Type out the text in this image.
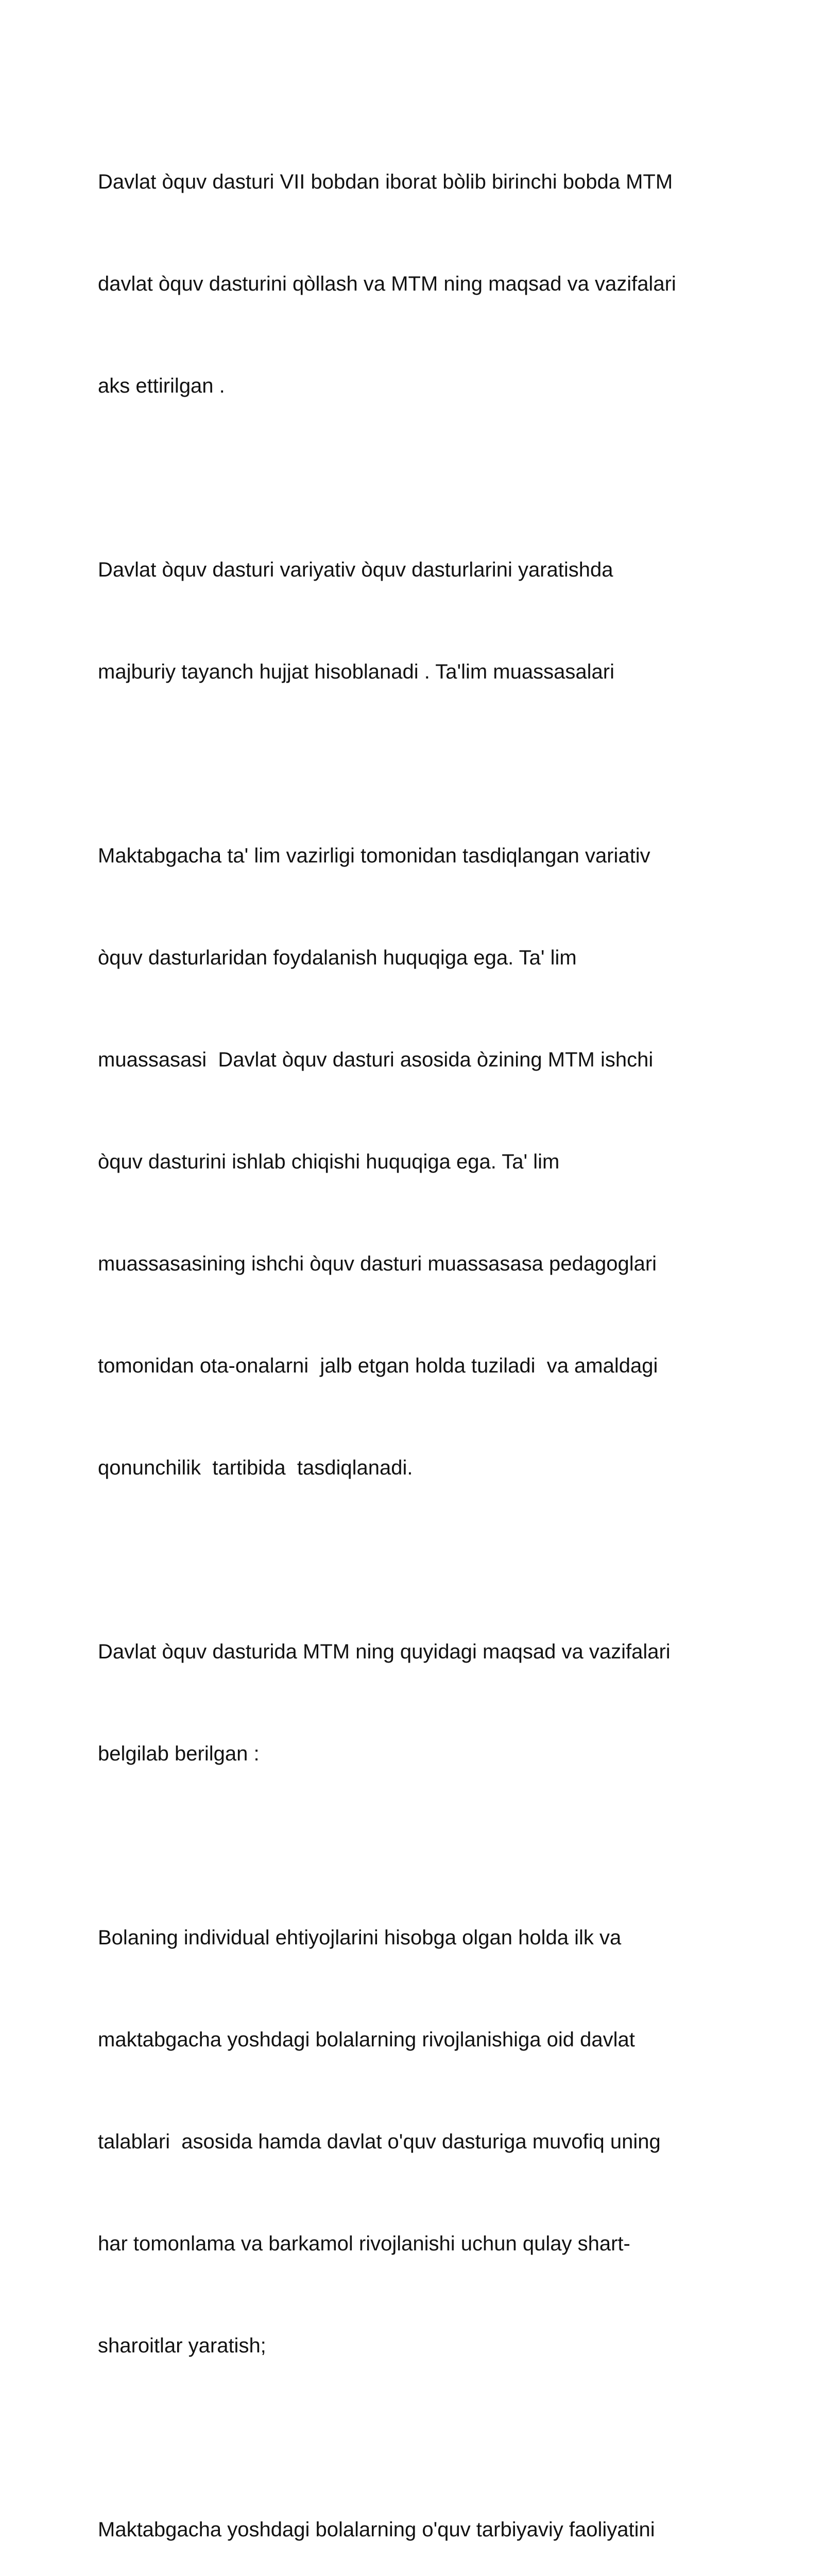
Davlat òquv dasturi VII bobdan iborat bòlib birinchi bobda MTM

davlat òquv dasturini qòllash va MTM ning maqsad va vazifalari

aks ettirilgan .

Davlat òquv dasturi variyativ òquv dasturlarini yaratishda

majburiy tayanch hujjat hisoblanadi . Ta'lim muassasalari

Maktabgacha ta' lim vazirligi tomonidan tasdiqlangan variativ

òquv dasturlaridan foydalanish huquqiga ega. Ta' lim

muassasasi  Davlat òquv dasturi asosida òzining MTM ishchi

òquv dasturini ishlab chiqishi huquqiga ega. Ta' lim

muassasasining ishchi òquv dasturi muassasasa pedagoglari

tomonidan ota-onalarni  jalb etgan holda tuziladi  va amaldagi

qonunchilik  tartibida  tasdiqlanadi.

Davlat òquv dasturida MTM ning quyidagi maqsad va vazifalari

belgilab berilgan :

Bolaning individual ehtiyojlarini hisobga olgan holda ilk va

maktabgacha yoshdagi bolalarning rivojlanishiga oid davlat

talablari  asosida hamda davlat o'quv dasturiga muvofiq uning

har tomonlama va barkamol rivojlanishi uchun qulay shart-

sharoitlar yaratish;

Maktabgacha yoshdagi bolalarning o'quv tarbiyaviy faoliyatini
